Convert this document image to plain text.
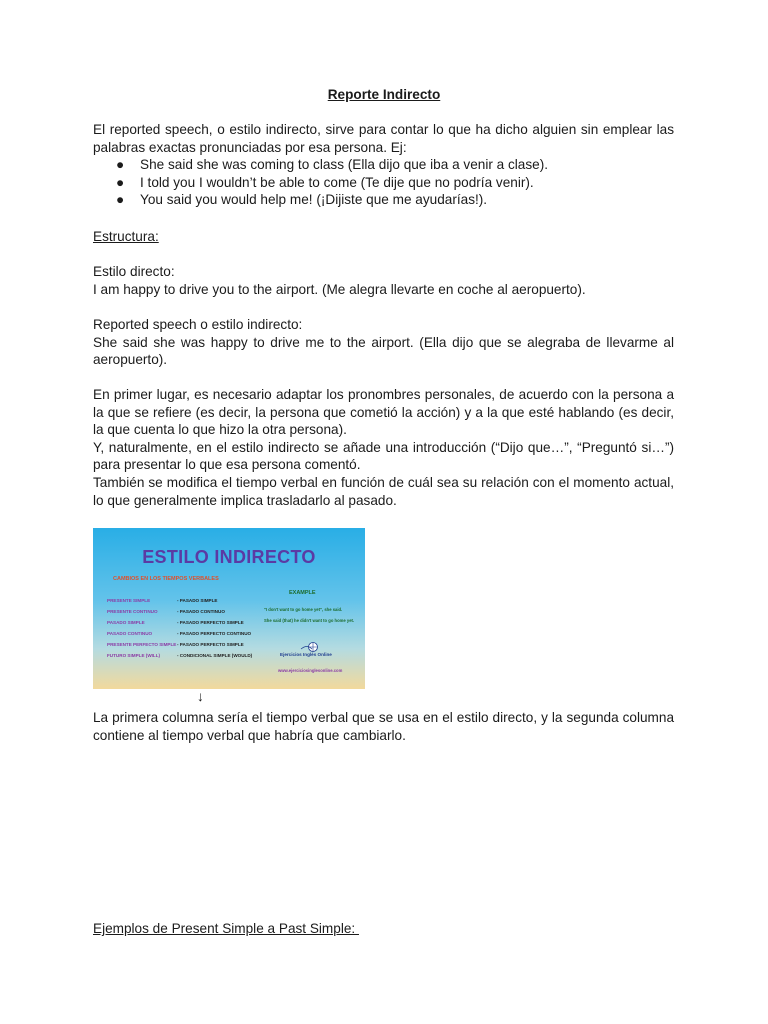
Reporte Indirecto

El reported speech, o estilo indirecto, sirve para contar lo que ha dicho alguien sin emplear las palabras exactas pronunciadas por esa persona. Ej:

● She said she was coming to class (Ella dijo que iba a venir a clase).
● I told you I wouldn’t be able to come (Te dije que no podría venir).
● You said you would help me! (¡Dijiste que me ayudarías!).
Estructura:

Estilo directo:

I am happy to drive you to the airport. (Me alegra llevarte en coche al aeropuerto).

Reported speech o estilo indirecto:

She said she was happy to drive me to the airport. (Ella dijo que se alegraba de llevarme al aeropuerto).

En primer lugar, es necesario adaptar los pronombres personales, de acuerdo con la persona a la que se refiere (es decir, la persona que cometió la acción) y a la que esté hablando (es decir, la que cuenta lo que hizo la otra persona).

Y, naturalmente, en el estilo indirecto se añade una introducción (“Dijo que…”, “Preguntó si…”) para presentar lo que esa persona comentó.

También se modifica el tiempo verbal en función de cuál sea su relación con el momento actual, lo que generalmente implica trasladarlo al pasado.

ESTILO INDIRECTO
CAMBIOS EN LOS TIEMPOS VERBALES
EXAMPLE
PRESENTE SIMPLE	- PASADO SIMPLE
PRESENTE CONTINUO	- PASADO CONTINUO
PASADO SIMPLE	- PASADO PERFECTO SIMPLE
PASADO CONTINUO	- PASADO PERFECTO CONTINUO
PRESENTE PERFECTO SIMPLE - PASADO PERFECTO SIMPLE
FUTURO SIMPLE (WILL)	- CONDICIONAL SIMPLE (WOULD)
"I don't want to go home yet", she said.
She said (that) he didn't want to go home yet.
Ejercicios Inglés Online
www.ejerciciosinglesonline.com
↓
La primera columna sería el tiempo verbal que se usa en el estilo directo, y la segunda columna contiene al tiempo verbal que habría que cambiarlo.
Ejemplos de Present Simple a Past Simple:
